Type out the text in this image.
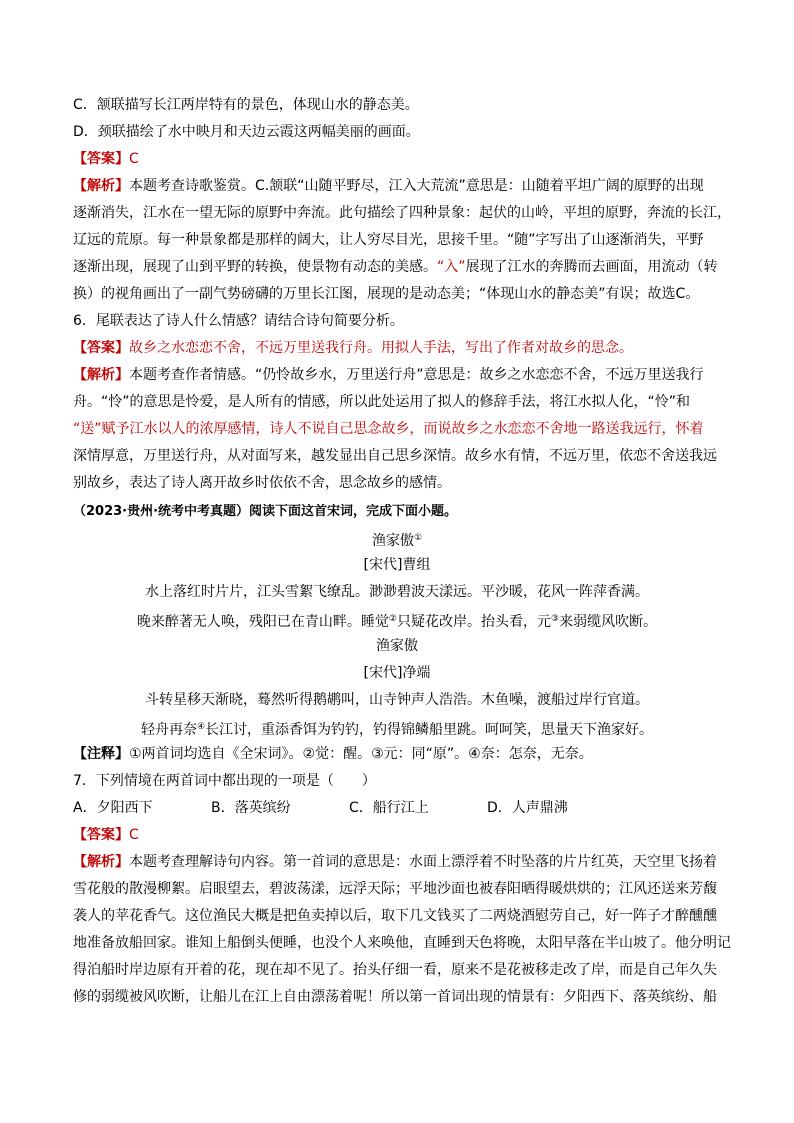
C．颔联描写长江两岸特有的景色，体现山水的静态美。
D．颈联描绘了水中映月和天边云霞这两幅美丽的画面。
【答案】C
【解析】本题考查诗歌鉴赏。C.颔联“山随平野尽，江入大荒流”意思是：山随着平坦广阔的原野的出现
逐渐消失，江水在一望无际的原野中奔流。此句描绘了四种景象：起伏的山岭，平坦的原野，奔流的长江，
辽远的荒原。每一种景象都是那样的阔大，让人穷尽目光，思接千里。“随”字写出了山逐渐消失，平野
逐渐出现，展现了山到平野的转换，使景物有动态的美感。“入”展现了江水的奔腾而去画面，用流动（转
换）的视角画出了一副气势磅礴的万里长江图，展现的是动态美；“体现山水的静态美”有误；故选C。
6．尾联表达了诗人什么情感？请结合诗句简要分析。
【答案】故乡之水恋恋不舍，不远万里送我行舟。用拟人手法，写出了作者对故乡的思念。
【解析】本题考查作者情感。“仍怜故乡水，万里送行舟”意思是：故乡之水恋恋不舍，不远万里送我行
舟。“怜”的意思是怜爱，是人所有的情感，所以此处运用了拟人的修辞手法，将江水拟人化，“怜”和
“送”赋予江水以人的浓厚感情，诗人不说自己思念故乡，而说故乡之水恋恋不舍地一路送我远行，怀着
深情厚意，万里送行舟，从对面写来，越发显出自己思乡深情。故乡水有情，不远万里，依恋不舍送我远
别故乡，表达了诗人离开故乡时依依不舍，思念故乡的感情。
（2023·贵州·统考中考真题）阅读下面这首宋词，完成下面小题。
渔家傲①
[宋代]曹组
水上落红时片片，江头雪絮飞缭乱。渺渺碧波天漾远。平沙暖，花风一阵萍香满。
晚来醉著无人唤，残阳已在青山畔。睡觉②只疑花改岸。抬头看，元③来弱缆风吹断。
渔家傲
[宋代]净端
斗转星移天渐晓，蓦然听得鹅鹕叫，山寺钟声人浩浩。木鱼噪，渡船过岸行官道。
轻舟再奈④长江讨，重添香饵为钓钓，钓得锦鳞船里跳。呵呵笑，思量天下渔家好。
【注释】①两首词均选自《全宋词》。②觉：醒。③元：同“原”。④奈：怎奈，无奈。
7．下列情境在两首词中都出现的一项是（　　）
A．夕阳西下	B．落英缤纷	C．船行江上	D．人声鼎沸
【答案】C
【解析】本题考查理解诗句内容。第一首词的意思是：水面上漂浮着不时坠落的片片红英，天空里飞扬着
雪花般的散漫柳絮。启眼望去，碧波荡漾，远浮天际；平地沙面也被春阳晒得暖烘烘的；江风还送来芳馥
袭人的苹花香气。这位渔民大概是把鱼卖掉以后，取下几文钱买了二两烧酒慰劳自己，好一阵子才醉醺醺
地准备放船回家。谁知上船倒头便睡，也没个人来唤他，直睡到天色将晚，太阳早落在半山坡了。他分明记
得泊船时岸边原有开着的花，现在却不见了。抬头仔细一看，原来不是花被移走改了岸，而是自己年久失
修的弱缆被风吹断，让船儿在江上自由漂荡着呢！所以第一首词出现的情景有：夕阳西下、落英缤纷、船
